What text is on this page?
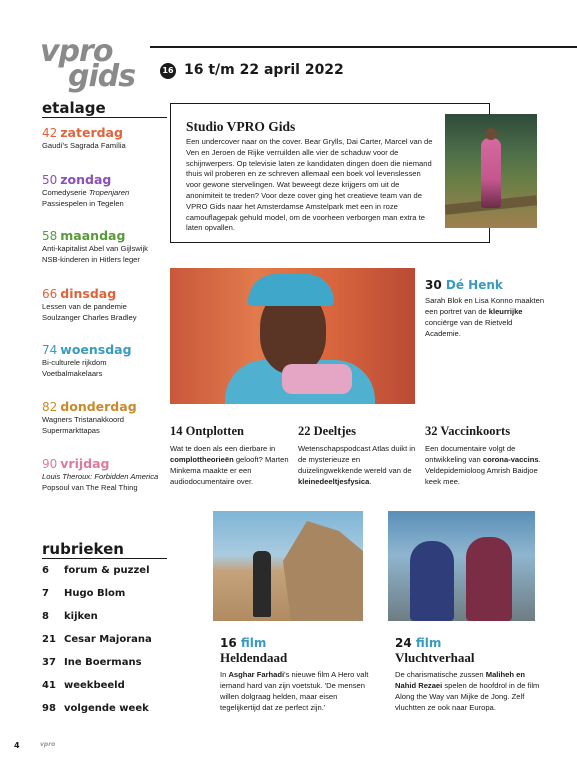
vpro
gids	16 16 t/m 22 april 2022
etalage
42 zaterdag
Gaudí's Sagrada Família
50 zondag
Comedyserie Tropenjaren
Passiespelen in Tegelen
58 maandag
Anti-kapitalist Abel van Gijlswijk
NSB-kinderen in Hitlers leger
66 dinsdag
Lessen van de pandemie
Soulzanger Charles Bradley
74 woensdag
Bi-culturele rijkdom
Voetbalmakelaars
82 donderdag
Wagners Tristanakkoord
Supermarkttapas
90 vrijdag
Louis Theroux: Forbidden America
Popsoul van The Real Thing
Studio VPRO Gids
Een undercover naar on the cover. Bear Grylls, Dai Carter, Marcel van de Ven en Jeroen de Rijke verruilden alle vier de schaduw voor de schijnwerpers. Op televisie laten ze kandidaten dingen doen die niemand thuis wil proberen en ze schreven allemaal een boek vol levenslessen voor gewone stervelingen. Wat beweegt deze krijgers om uit de anonimiteit te treden? Voor deze cover ging het creatieve team van de VPRO Gids naar het Amsterdamse Amstelpark met een in roze camouflagepak gehuld model, om de voorheen verborgen man extra te laten opvallen.
30 Dé Henk
Sarah Blok en Lisa Konno maakten een portret van de kleurrijke conciërge van de Rietveld Academie.
14 Ontplotten
Wat te doen als een dierbare in complottheorieën gelooft? Marten Minkema maakte er een audiodocumentaire over.
22 Deeltjes
Wetenschapspodcast Atlas duikt in de mysterieuze en duizelingwekkende wereld van de kleinedeeltjesfysica.
32 Vaccinkoorts
Een documentaire volgt de ontwikkeling van corona-vaccins. Veldepidemioloog Amrish Baidjoe keek mee.
rubrieken
6 forum & puzzel
7 Hugo Blom
8 kijken
21 Cesar Majorana
37 Ine Boermans
41 weekbeeld
98 volgende week
16 film
Heldendaad
In Asghar Farhadi's nieuwe film A Hero valt iemand hard van zijn voetstuk. 'De mensen willen dolgraag helden, maar eisen tegelijkertijd dat ze perfect zijn.'
24 film
Vluchtverhaal
De charismatische zussen Maliheh en Nahid Rezaei spelen de hoofdrol in de film Along the Way van Mijke de Jong. Zelf vluchtten ze ook naar Europa.
4	vpro
